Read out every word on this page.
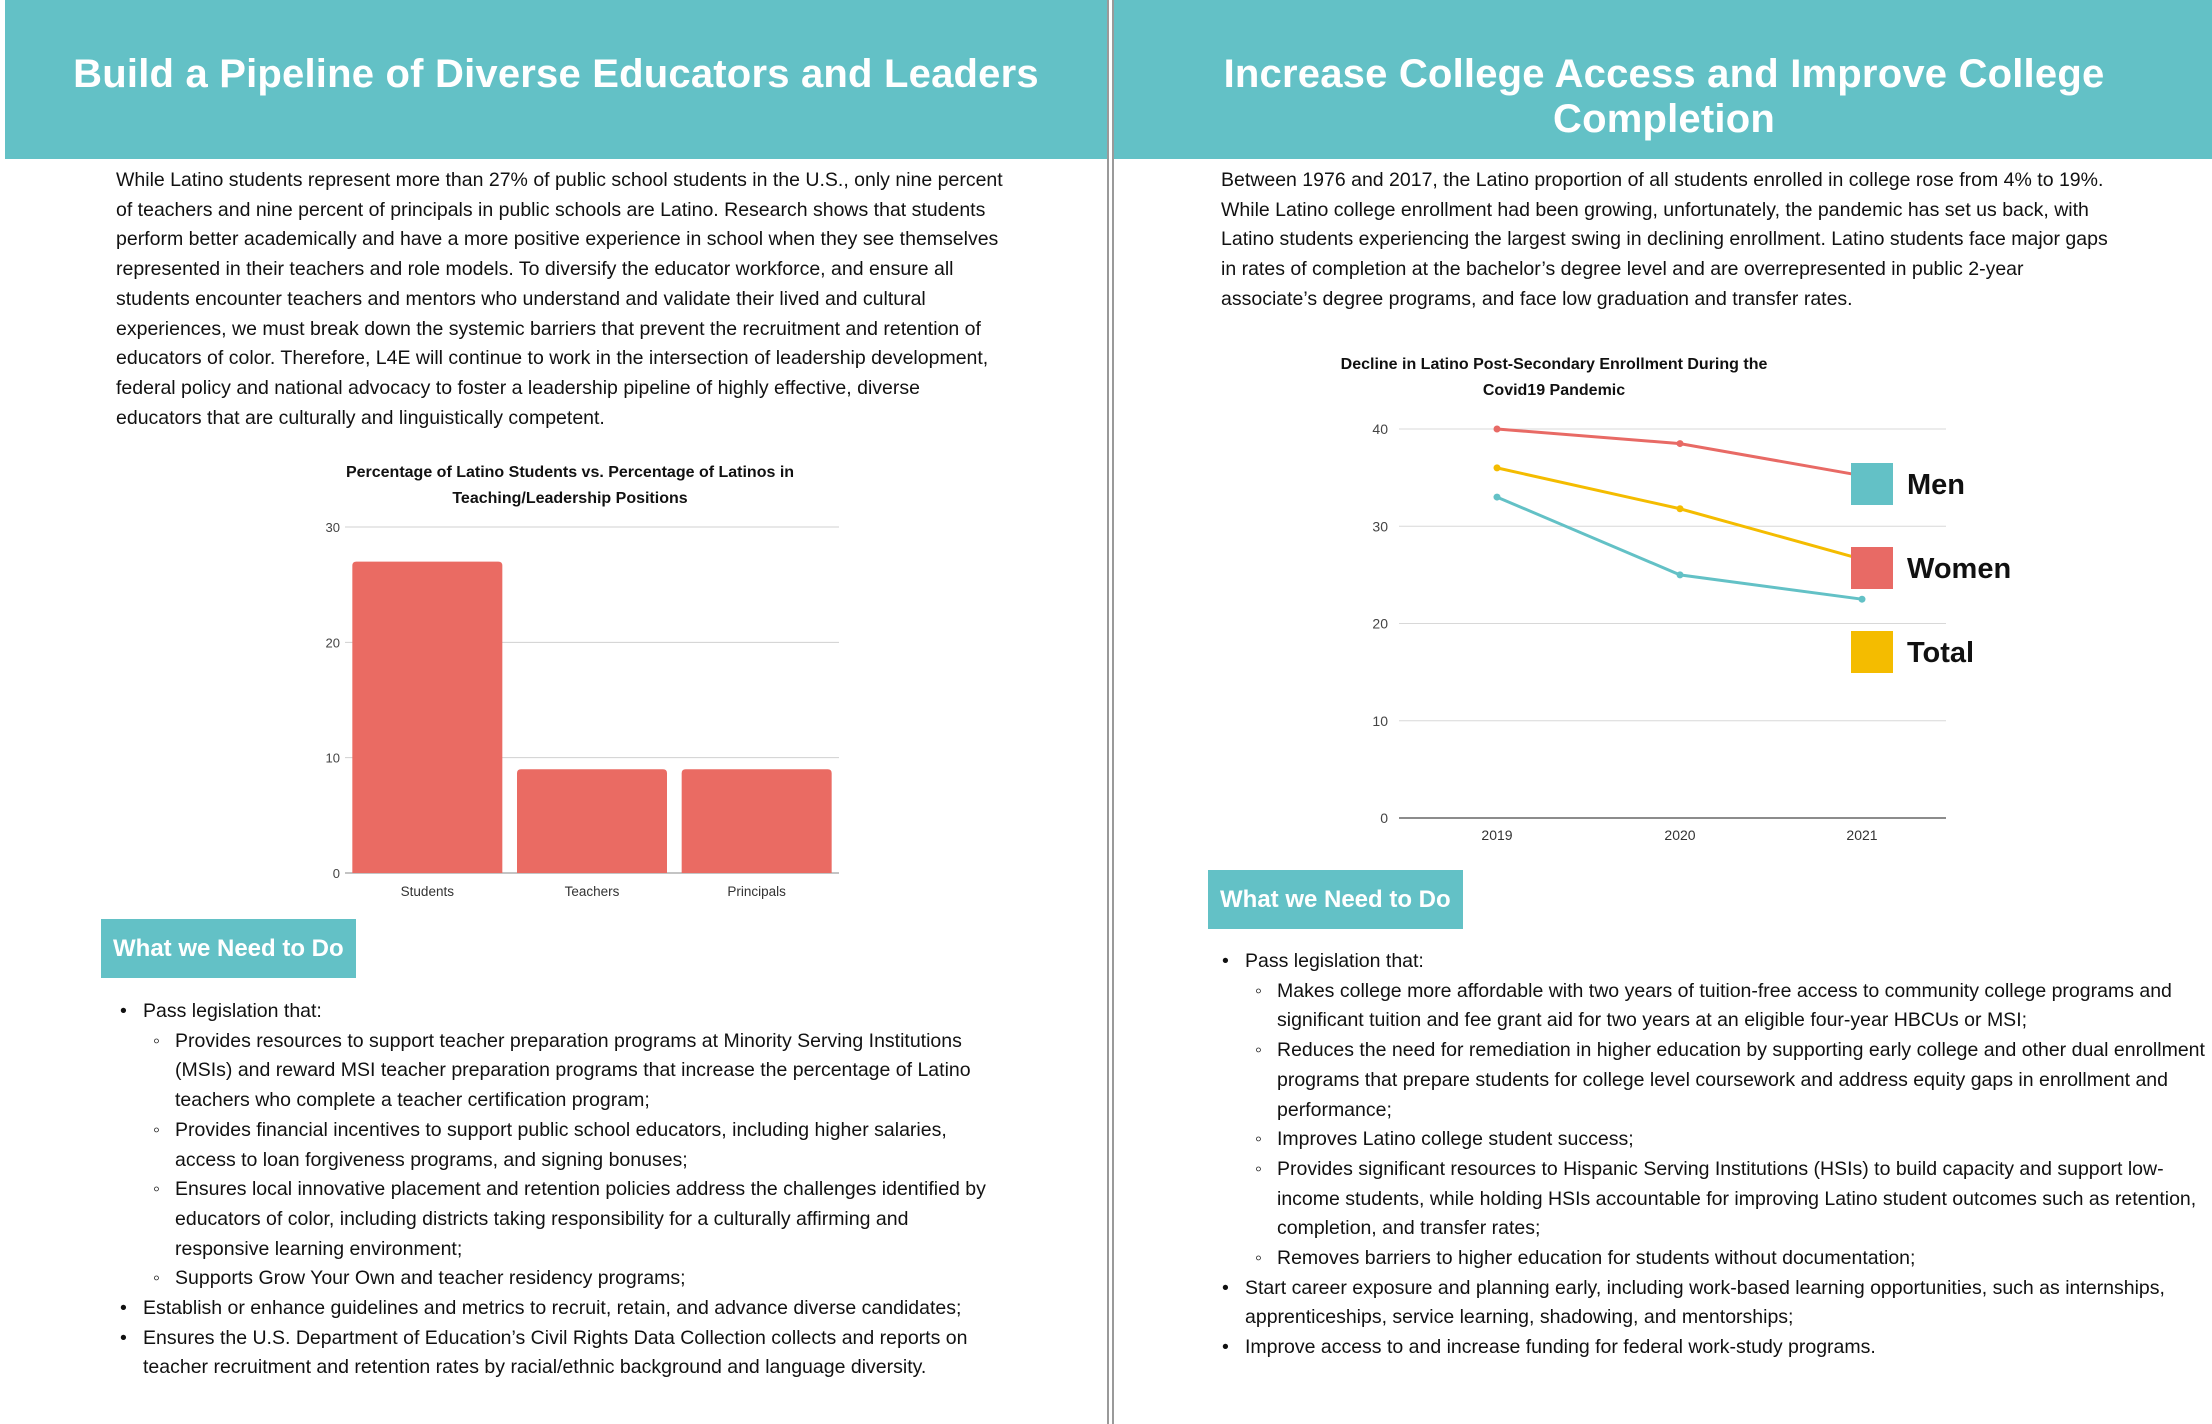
Build a Pipeline of Diverse Educators and Leaders
While Latino students represent more than 27% of public school students in the U.S., only nine percent of teachers and nine percent of principals in public schools are Latino. Research shows that students perform better academically and have a more positive experience in school when they see themselves represented in their teachers and role models. To diversify the educator workforce, and ensure all students encounter teachers and mentors who understand and validate their lived and cultural experiences, we must break down the systemic barriers that prevent the recruitment and retention of educators of color. Therefore, L4E will continue to work in the intersection of leadership development, federal policy and national advocacy to foster a leadership pipeline of highly effective, diverse educators that are culturally and linguistically competent.
Percentage of Latino Students vs. Percentage of Latinos in Teaching/Leadership Positions
0
10
20
30
Students	Teachers	Principals
What we Need to Do
• Pass legislation that:
◦ Provides resources to support teacher preparation programs at Minority Serving Institutions (MSIs) and reward MSI teacher preparation programs that increase the percentage of Latino teachers who complete a teacher certification program;
◦ Provides financial incentives to support public school educators, including higher salaries, access to loan forgiveness programs, and signing bonuses;
◦ Ensures local innovative placement and retention policies address the challenges identified by educators of color, including districts taking responsibility for a culturally affirming and responsive learning environment;
◦ Supports Grow Your Own and teacher residency programs;
• Establish or enhance guidelines and metrics to recruit, retain, and advance diverse candidates;
• Ensures the U.S. Department of Education’s Civil Rights Data Collection collects and reports on teacher recruitment and retention rates by racial/ethnic background and language diversity.
Increase College Access and Improve College Completion
Between 1976 and 2017, the Latino proportion of all students enrolled in college rose from 4% to 19%. While Latino college enrollment had been growing, unfortunately, the pandemic has set us back, with Latino students experiencing the largest swing in declining enrollment. Latino students face major gaps in rates of completion at the bachelor’s degree level and are overrepresented in public 2-year associate’s degree programs, and face low graduation and transfer rates.
Decline in Latino Post-Secondary Enrollment During the Covid19 Pandemic
0
10
20
30
40
2019	2020	2021
Men
Women
Total
What we Need to Do
• Pass legislation that:
◦ Makes college more affordable with two years of tuition-free access to community college programs and significant tuition and fee grant aid for two years at an eligible four-year HBCUs or MSI;
◦ Reduces the need for remediation in higher education by supporting early college and other dual enrollment programs that prepare students for college level coursework and address equity gaps in enrollment and performance;
◦ Improves Latino college student success;
◦ Provides significant resources to Hispanic Serving Institutions (HSIs) to build capacity and support low-income students, while holding HSIs accountable for improving Latino student outcomes such as retention, completion, and transfer rates;
◦ Removes barriers to higher education for students without documentation;
• Start career exposure and planning early, including work-based learning opportunities, such as internships, apprenticeships, service learning, shadowing, and mentorships;
• Improve access to and increase funding for federal work-study programs.
